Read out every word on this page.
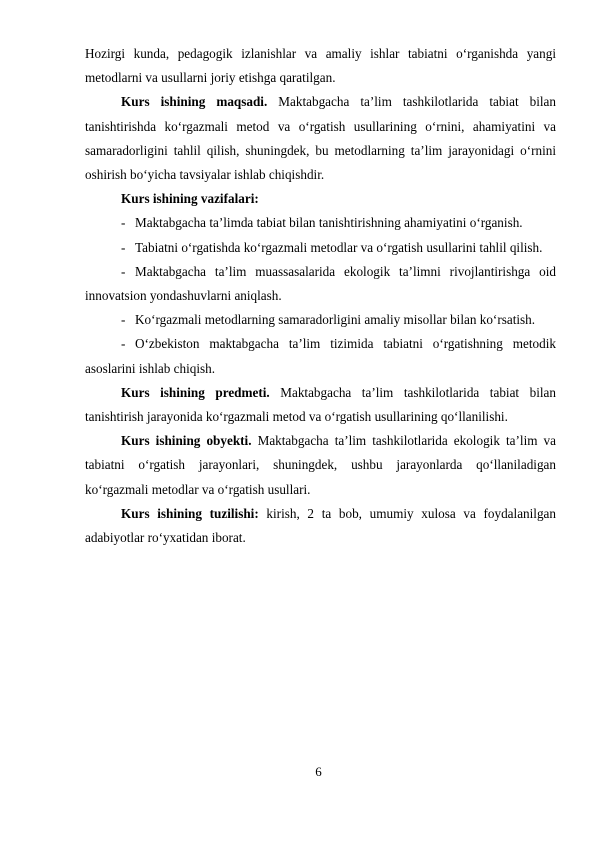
Hozirgi kunda, pedagogik izlanishlar va amaliy ishlar tabiatni o‘rganishda yangi metodlarni va usullarni joriy etishga qaratilgan.

Kurs ishining maqsadi. Maktabgacha ta’lim tashkilotlarida tabiat bilan tanishtirishda ko‘rgazmali metod va o‘rgatish usullarining o‘rnini, ahamiyatini va samaradorligini tahlil qilish, shuningdek, bu metodlarning ta’lim jarayonidagi o‘rnini oshirish bo‘yicha tavsiyalar ishlab chiqishdir.

Kurs ishining vazifalari:

- Maktabgacha ta’limda tabiat bilan tanishtirishning ahamiyatini o‘rganish.

- Tabiatni o‘rgatishda ko‘rgazmali metodlar va o‘rgatish usullarini tahlil qilish.

- Maktabgacha ta’lim muassasalarida ekologik ta’limni rivojlantirishga oid innovatsion yondashuvlarni aniqlash.

- Ko‘rgazmali metodlarning samaradorligini amaliy misollar bilan ko‘rsatish.

- O‘zbekiston maktabgacha ta’lim tizimida tabiatni o‘rgatishning metodik asoslarini ishlab chiqish.

Kurs ishining predmeti. Maktabgacha ta’lim tashkilotlarida tabiat bilan tanishtirish jarayonida ko‘rgazmali metod va o‘rgatish usullarining qo‘llanilishi.

Kurs ishining obyekti. Maktabgacha ta’lim tashkilotlarida ekologik ta’lim va tabiatni o‘rgatish jarayonlari, shuningdek, ushbu jarayonlarda qo‘llaniladigan ko‘rgazmali metodlar va o‘rgatish usullari.

Kurs ishining tuzilishi: kirish, 2 ta bob, umumiy xulosa va foydalanilgan adabiyotlar ro‘yxatidan iborat.

6
